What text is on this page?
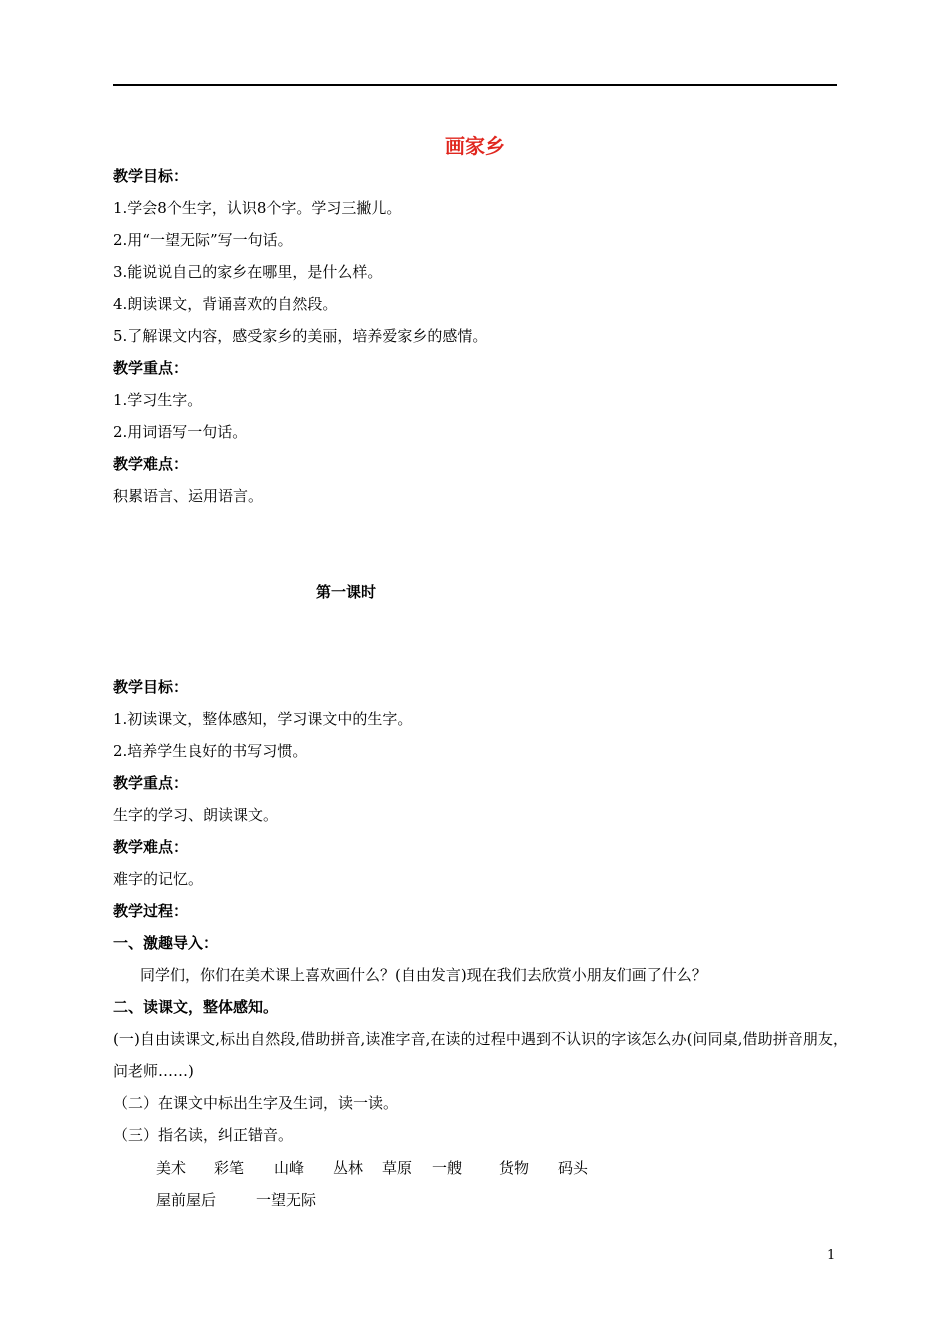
画家乡
教学目标：
1.学会8个生字，认识8个字。学习三撇儿。
2.用“一望无际”写一句话。
3.能说说自己的家乡在哪里，是什么样。
4.朗读课文，背诵喜欢的自然段。
5.了解课文内容，感受家乡的美丽，培养爱家乡的感情。
教学重点：
1.学习生字。
2.用词语写一句话。
教学难点：
积累语言、运用语言。
第一课时
教学目标：
1.初读课文，整体感知，学习课文中的生字。
2.培养学生良好的书写习惯。
教学重点：
生字的学习、朗读课文。
教学难点：
难字的记忆。
教学过程：
一、激趣导入：
同学们，你们在美术课上喜欢画什么？(自由发言)现在我们去欣赏小朋友们画了什么？
二、读课文，整体感知。
(一)自由读课文,标出自然段,借助拼音,读准字音,在读的过程中遇到不认识的字该怎么办(问同桌,借助拼音朋友，问老师……)
（二）在课文中标出生字及生词，读一读。
（三）指名读，纠正错音。
美术 彩笔 山峰 丛林 草原 一艘 货物 码头
屋前屋后	一望无际
1
